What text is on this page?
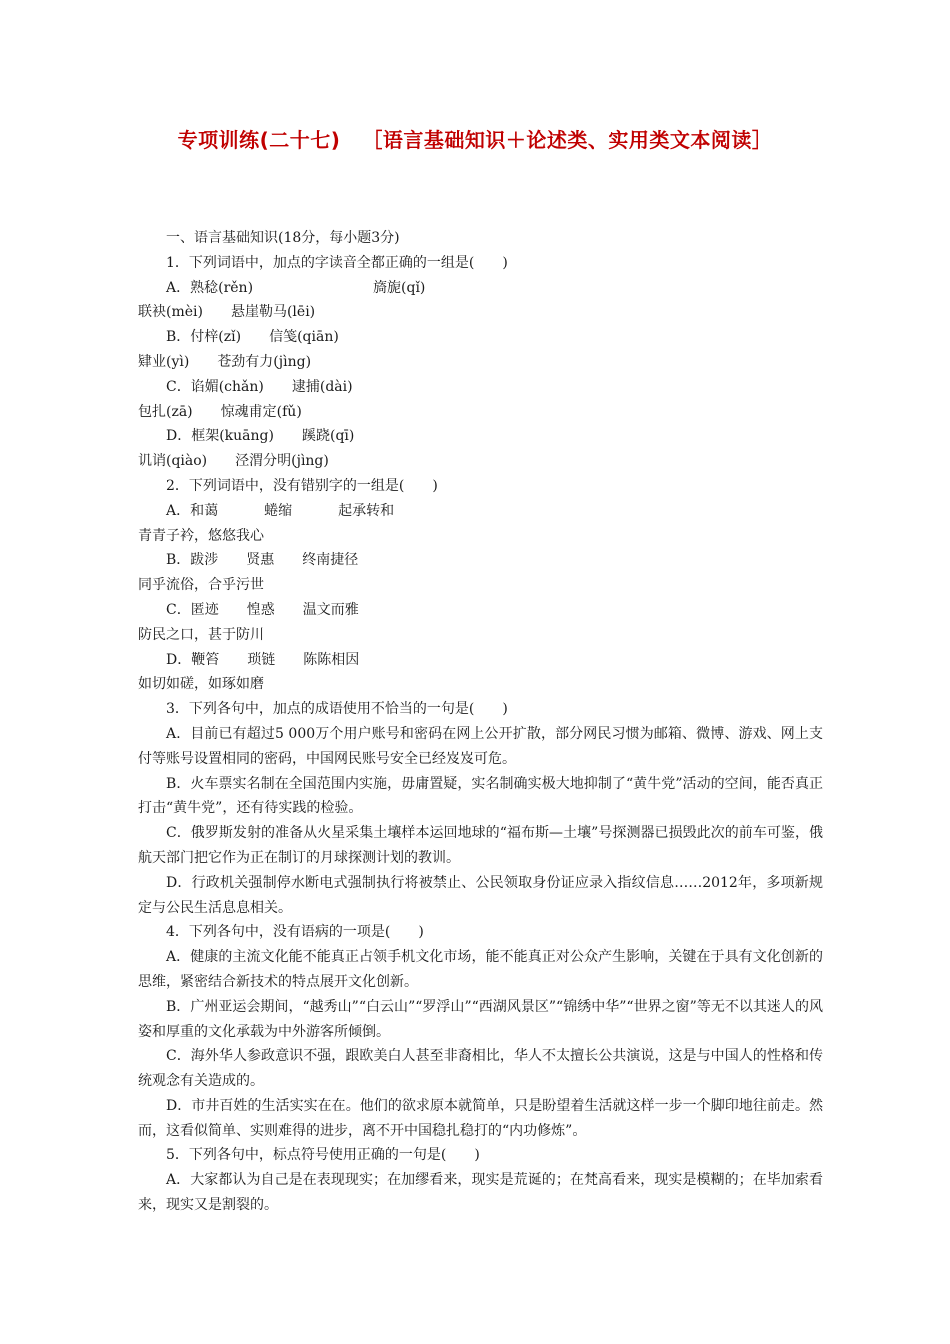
专项训练(二十七) ［语言基础知识＋论述类、实用类文本阅读］
一、语言基础知识(18分，每小题3分)
1．下列词语中，加点的字读音全都正确的一组是(　　)
A．熟稔(rěn)	旖旎(qǐ)
联袂(mèi) 悬崖勒马(lēi)
B．付梓(zǐ) 信笺(qiān)
肄业(yì) 苍劲有力(jìng)
C．谄媚(chǎn) 逮捕(dài)
包扎(zā) 惊魂甫定(fǔ)
D．框架(kuāng) 蹊跷(qī)
讥诮(qiào) 泾渭分明(jìng)
2．下列词语中，没有错别字的一组是(　　)
A．和蔼	蜷缩	起承转和
青青子衿，悠悠我心
B．跋涉 贤惠 终南捷径
同乎流俗，合乎污世
C．匿迹 惶惑 温文而雅
防民之口，甚于防川
D．鞭笞 琐链 陈陈相因
如切如磋，如琢如磨
3．下列各句中，加点的成语使用不恰当的一句是(　　)
A．目前已有超过5 000万个用户账号和密码在网上公开扩散，部分网民习惯为邮箱、微博、游戏、网上支付等账号设置相同的密码，中国网民账号安全已经岌岌可危。
B．火车票实名制在全国范围内实施，毋庸置疑，实名制确实极大地抑制了“黄牛党”活动的空间，能否真正打击“黄牛党”，还有待实践的检验。
C．俄罗斯发射的准备从火星采集土壤样本运回地球的“福布斯—土壤”号探测器已损毁此次的前车可鉴，俄航天部门把它作为正在制订的月球探测计划的教训。
D．行政机关强制停水断电式强制执行将被禁止、公民领取身份证应录入指纹信息……2012年，多项新规定与公民生活息息相关。
4．下列各句中，没有语病的一项是(　　)
A．健康的主流文化能不能真正占领手机文化市场，能不能真正对公众产生影响，关键在于具有文化创新的思维，紧密结合新技术的特点展开文化创新。
B．广州亚运会期间，“越秀山”“白云山”“罗浮山”“西湖风景区”“锦绣中华”“世界之窗”等无不以其迷人的风姿和厚重的文化承载为中外游客所倾倒。
C．海外华人参政意识不强，跟欧美白人甚至非裔相比，华人不太擅长公共演说，这是与中国人的性格和传统观念有关造成的。
D．市井百姓的生活实实在在。他们的欲求原本就简单，只是盼望着生活就这样一步一个脚印地往前走。然而，这看似简单、实则难得的进步，离不开中国稳扎稳打的“内功修炼”。
5．下列各句中，标点符号使用正确的一句是(　　)
A．大家都认为自己是在表现现实；在加缪看来，现实是荒诞的；在梵高看来，现实是模糊的；在毕加索看来，现实又是割裂的。
